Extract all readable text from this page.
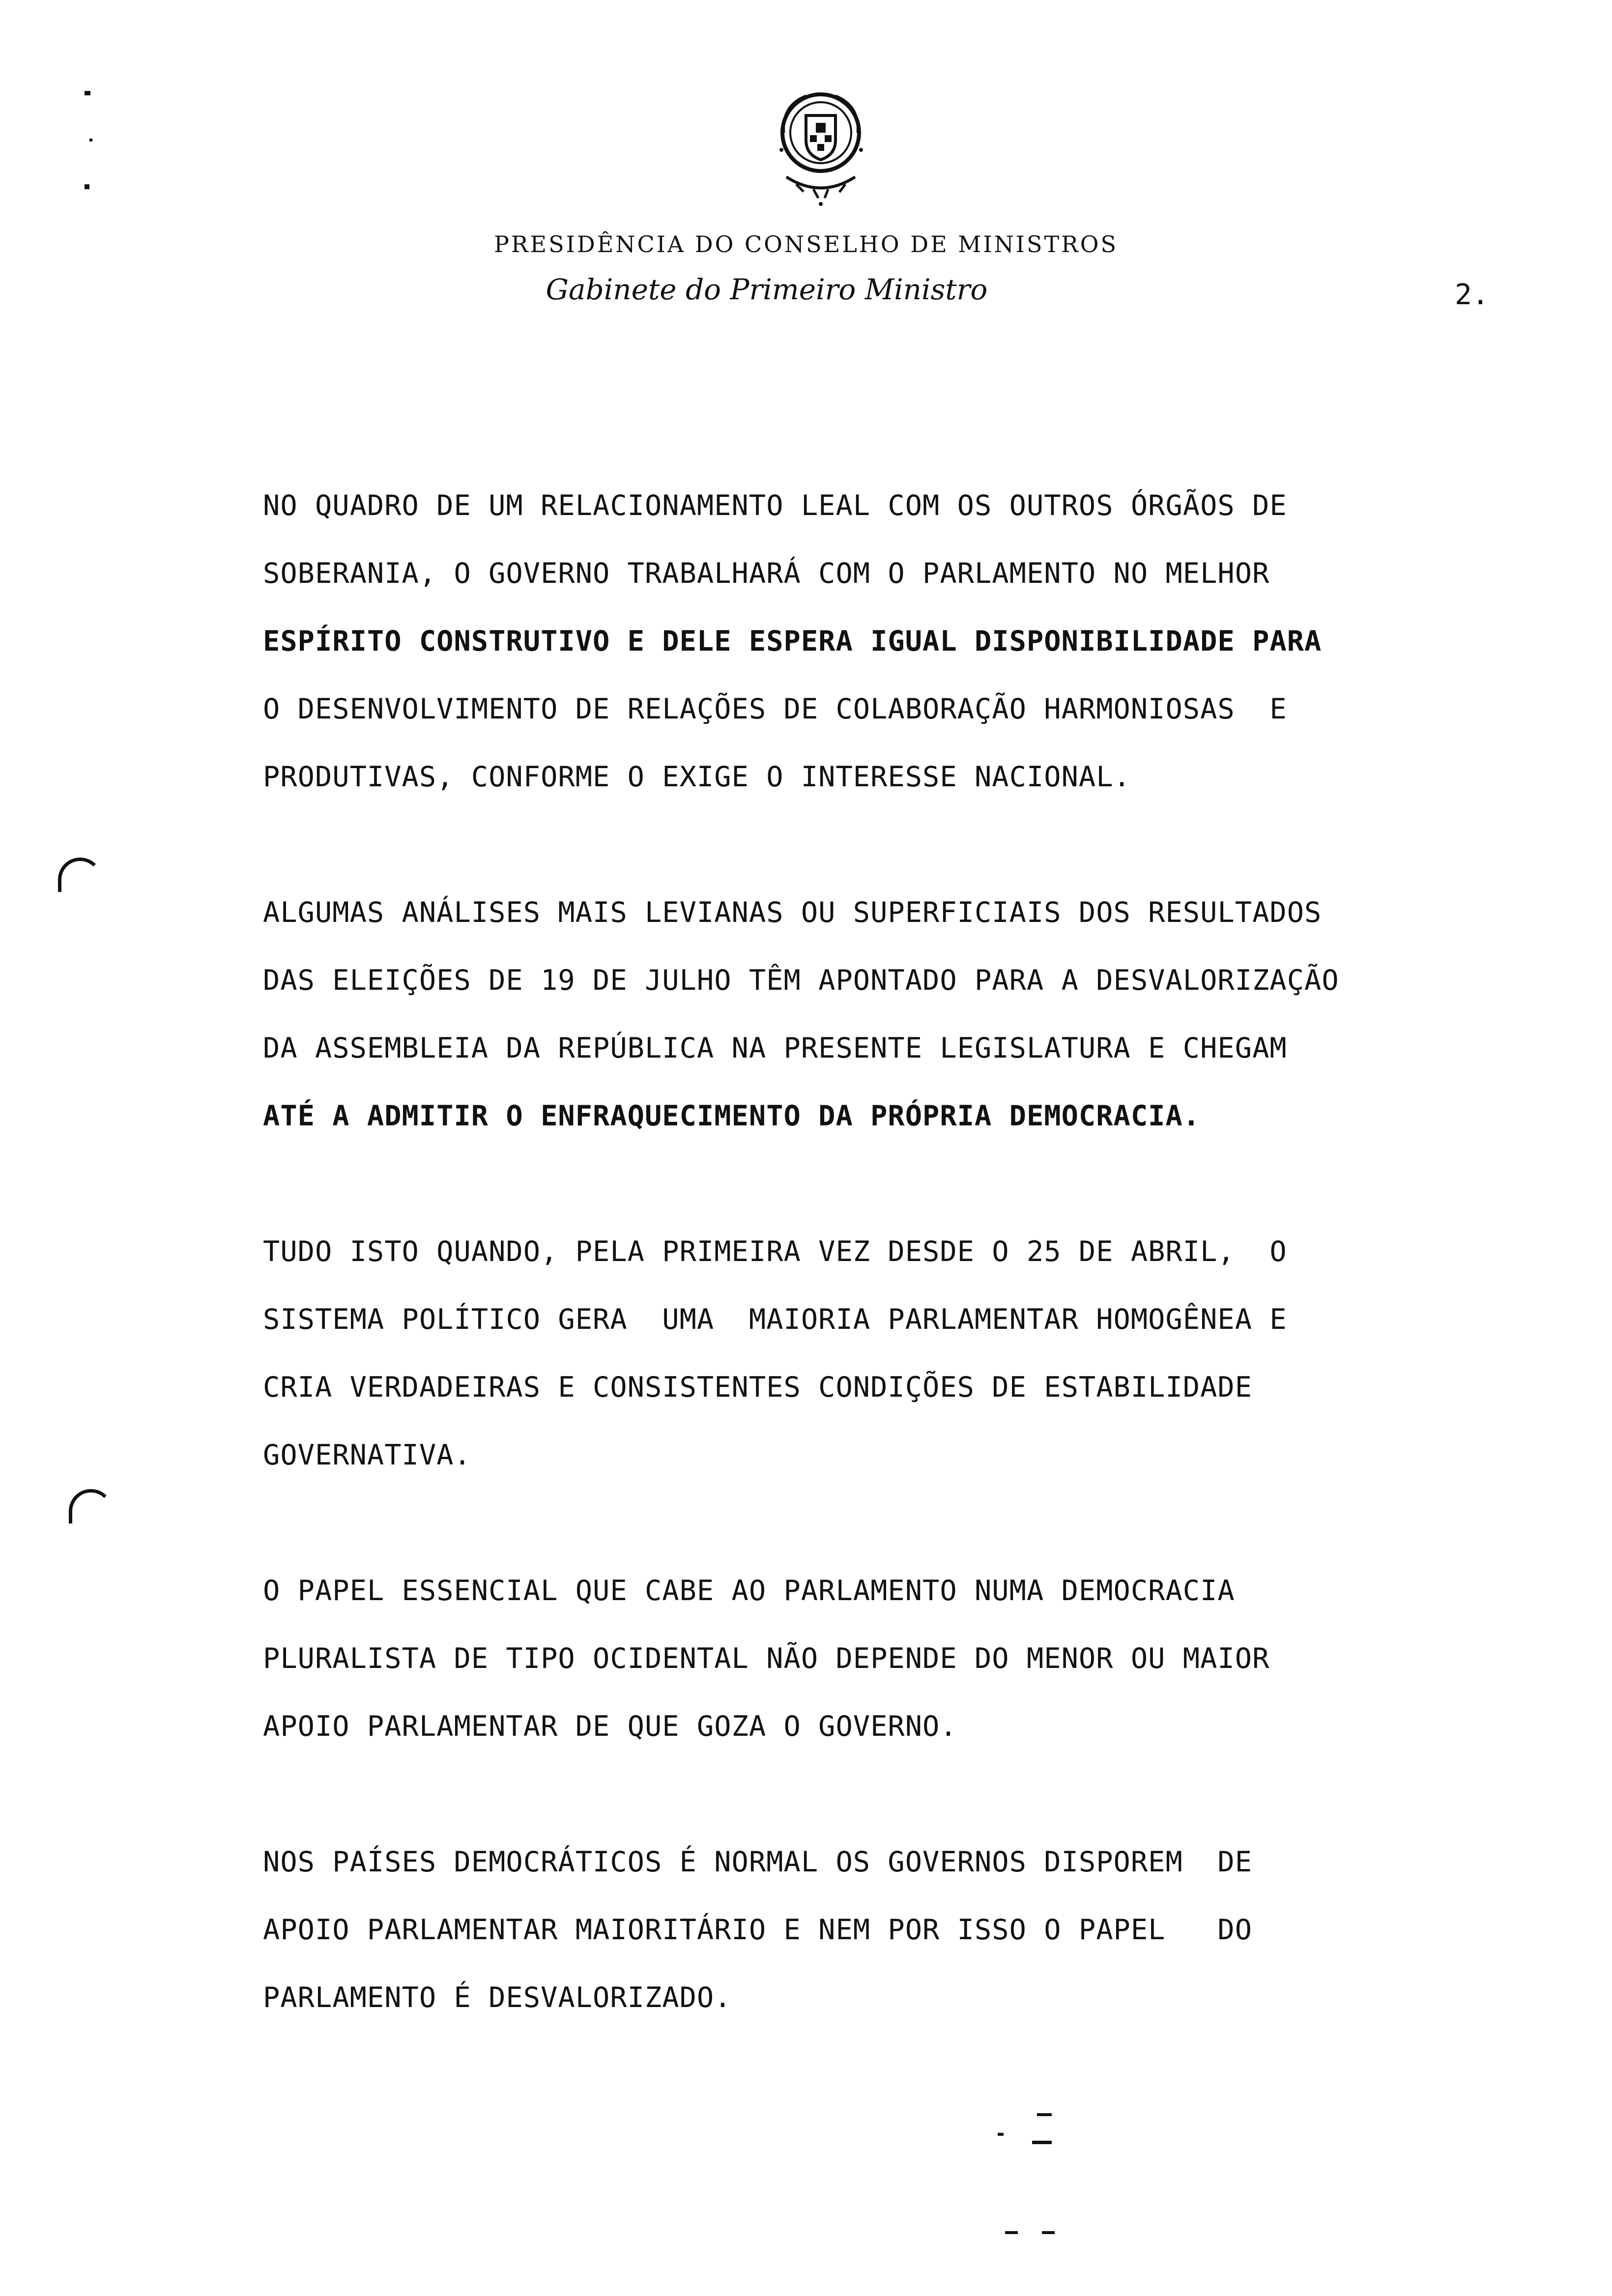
PRESIDÊNCIA DO CONSELHO DE MINISTROS
Gabinete do Primeiro Ministro	2.
NO QUADRO DE UM RELACIONAMENTO LEAL COM OS OUTROS ÓRGÃOS DE
SOBERANIA, O GOVERNO TRABALHARÁ COM O PARLAMENTO NO MELHOR
ESPÍRITO CONSTRUTIVO E DELE ESPERA IGUAL DISPONIBILIDADE PARA
O DESENVOLVIMENTO DE RELAÇÕES DE COLABORAÇÃO HARMONIOSAS  E
PRODUTIVAS, CONFORME O EXIGE O INTERESSE NACIONAL.
ALGUMAS ANÁLISES MAIS LEVIANAS OU SUPERFICIAIS DOS RESULTADOS
DAS ELEIÇÕES DE 19 DE JULHO TÊM APONTADO PARA A DESVALORIZAÇÃO
DA ASSEMBLEIA DA REPÚBLICA NA PRESENTE LEGISLATURA E CHEGAM
ATÉ A ADMITIR O ENFRAQUECIMENTO DA PRÓPRIA DEMOCRACIA.
TUDO ISTO QUANDO, PELA PRIMEIRA VEZ DESDE O 25 DE ABRIL,  O
SISTEMA POLÍTICO GERA  UMA  MAIORIA PARLAMENTAR HOMOGÊNEA E
CRIA VERDADEIRAS E CONSISTENTES CONDIÇÕES DE ESTABILIDADE
GOVERNATIVA.
O PAPEL ESSENCIAL QUE CABE AO PARLAMENTO NUMA DEMOCRACIA
PLURALISTA DE TIPO OCIDENTAL NÃO DEPENDE DO MENOR OU MAIOR
APOIO PARLAMENTAR DE QUE GOZA O GOVERNO.
NOS PAÍSES DEMOCRÁTICOS É NORMAL OS GOVERNOS DISPOREM  DE
APOIO PARLAMENTAR MAIORITÁRIO E NEM POR ISSO O PAPEL   DO
PARLAMENTO É DESVALORIZADO.
